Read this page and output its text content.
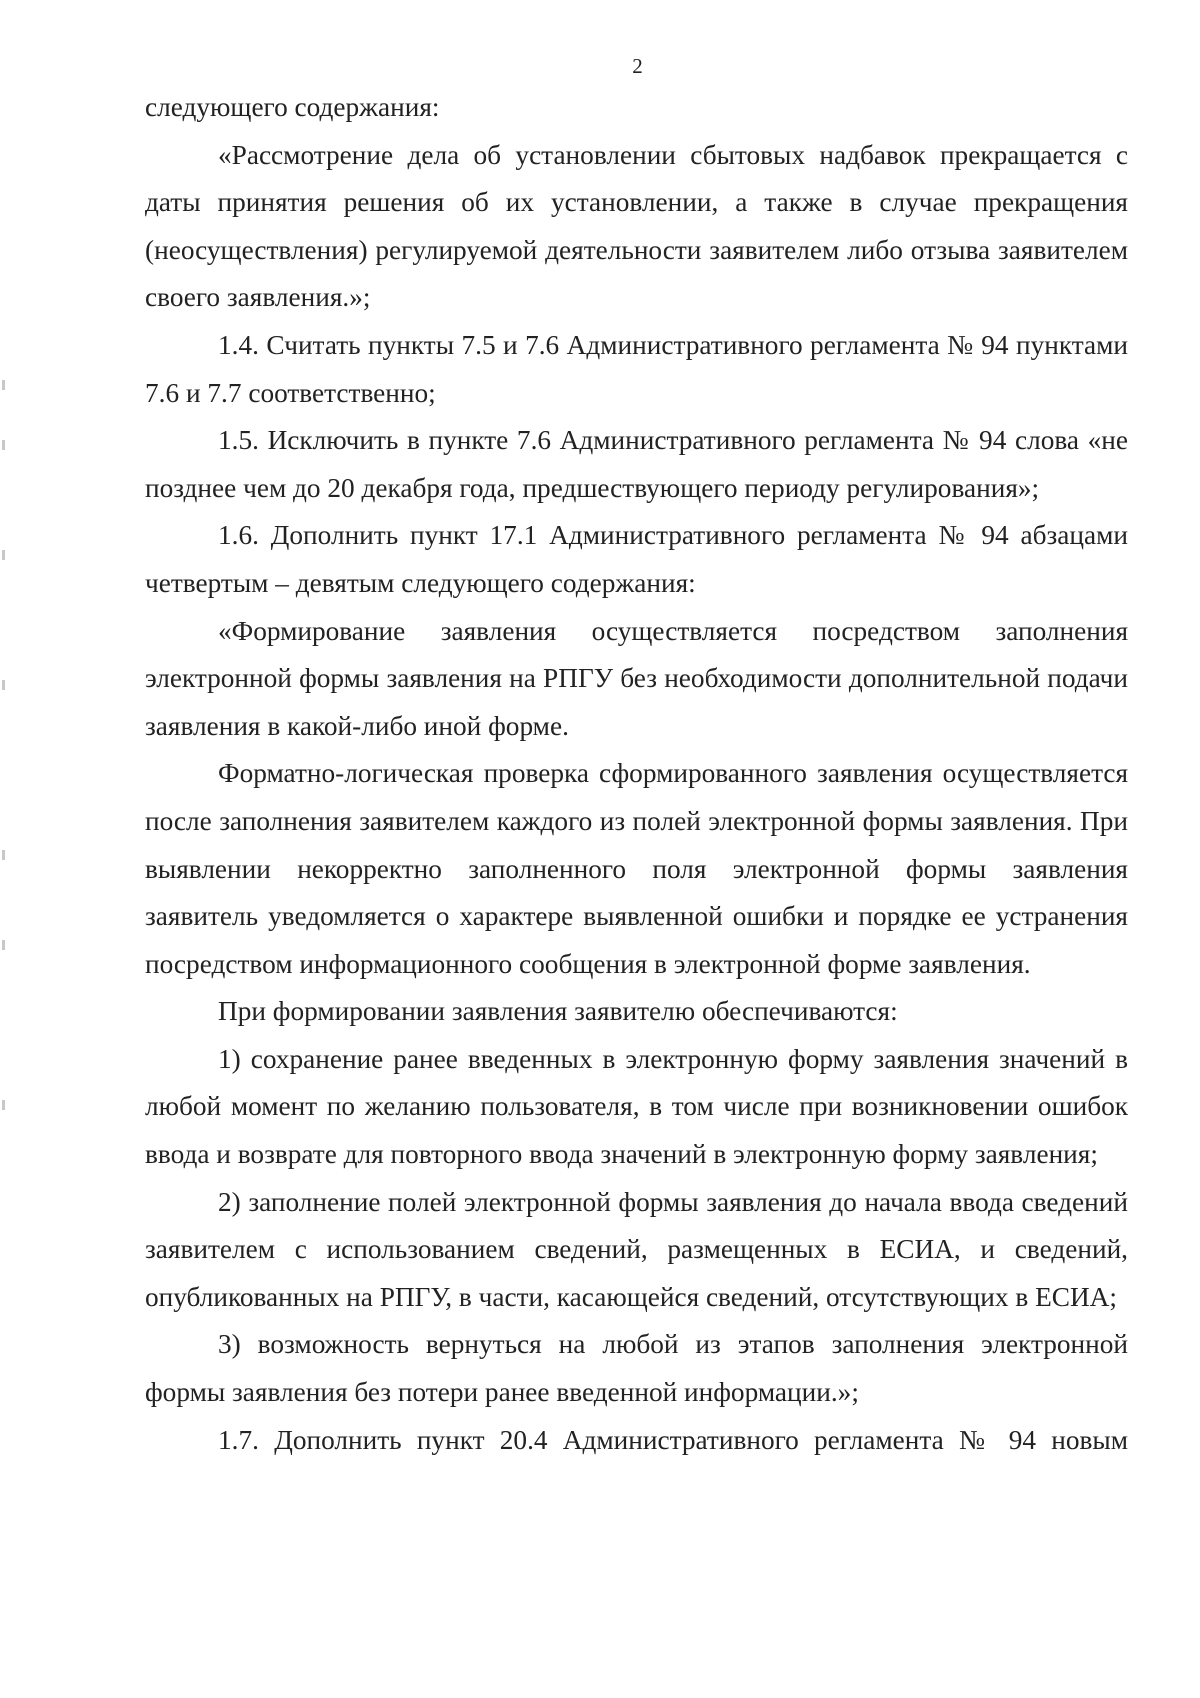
2

следующего содержания:

«Рассмотрение дела об установлении сбытовых надбавок прекращается с даты принятия решения об их установлении, а также в случае прекращения (неосуществления) регулируемой деятельности заявителем либо отзыва заявителем своего заявления.»;

1.4. Считать пункты 7.5 и 7.6 Административного регламента № 94 пунктами 7.6 и 7.7 соответственно;

1.5. Исключить в пункте 7.6 Административного регламента № 94 слова «не позднее чем до 20 декабря года, предшествующего периоду регулирования»;

1.6. Дополнить пункт 17.1 Административного регламента № 94 абзацами четвертым – девятым следующего содержания:

«Формирование заявления осуществляется посредством заполнения электронной формы заявления на РПГУ без необходимости дополнительной подачи заявления в какой-либо иной форме.

Форматно-логическая проверка сформированного заявления осуществляется после заполнения заявителем каждого из полей электронной формы заявления. При выявлении некорректно заполненного поля электронной формы заявления заявитель уведомляется о характере выявленной ошибки и порядке ее устранения посредством информационного сообщения в электронной форме заявления.

При формировании заявления заявителю обеспечиваются:

1) сохранение ранее введенных в электронную форму заявления значений в любой момент по желанию пользователя, в том числе при возникновении ошибок ввода и возврате для повторного ввода значений в электронную форму заявления;

2) заполнение полей электронной формы заявления до начала ввода сведений заявителем с использованием сведений, размещенных в ЕСИА, и сведений, опубликованных на РПГУ, в части, касающейся сведений, отсутствующих в ЕСИА;

3) возможность вернуться на любой из этапов заполнения электронной формы заявления без потери ранее введенной информации.»;

1.7. Дополнить пункт 20.4 Административного регламента № 94 новым
